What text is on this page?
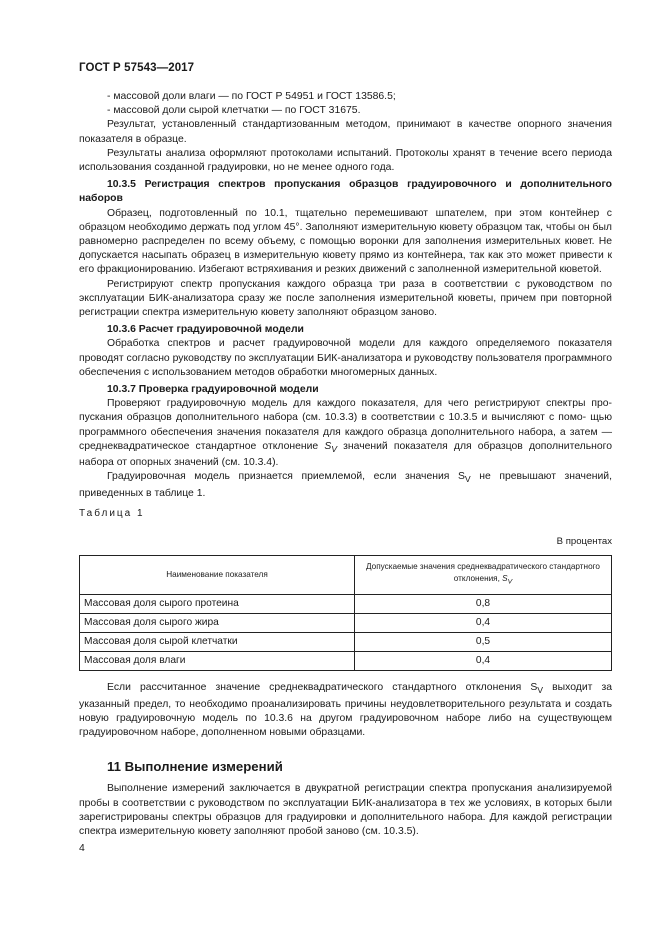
ГОСТ Р 57543—2017

- массовой доли влаги — по ГОСТ Р 54951 и ГОСТ 13586.5;

- массовой доли сырой клетчатки — по ГОСТ 31675.

Результат, установленный стандартизованным методом, принимают в качестве опорного значения показателя в образце.

Результаты анализа оформляют протоколами испытаний. Протоколы хранят в течение всего периода использования созданной градуировки, но не менее одного года.

10.3.5 Регистрация спектров пропускания образцов градуировочного и дополнительного наборов

Образец, подготовленный по 10.1, тщательно перемешивают шпателем, при этом контейнер с образцом необходимо держать под углом 45°. Заполняют измерительную кювету образцом так, чтобы он был равномерно распределен по всему объему, с помощью воронки для заполнения измерительных кювет. Не допускается насыпать образец в измерительную кювету прямо из контейнера, так как это может привести к его фракционированию. Избегают встряхивания и резких движений с заполненной измерительной кюветой.

Регистрируют спектр пропускания каждого образца три раза в соответствии с руководством по эксплуатации БИК-анализатора сразу же после заполнения измерительной кюветы, причем при повторной регистрации спектра измерительную кювету заполняют образцом заново.

10.3.6 Расчет градуировочной модели

Обработка спектров и расчет градуировочной модели для каждого определяемого показателя проводят согласно руководству по эксплуатации БИК-анализатора и руководству пользователя программного обеспечения с использованием методов обработки многомерных данных.

10.3.7 Проверка градуировочной модели

Проверяют градуировочную модель для каждого показателя, для чего регистрируют спектры про- пускания образцов дополнительного набора (см. 10.3.3) в соответствии с 10.3.5 и вычисляют с помо- щью программного обеспечения значения показателя для каждого образца дополнительного набора, а затем — среднеквадратическое стандартное отклонение $S_V$ значений показателя для образцов дополнительного набора от опорных значений (см. 10.3.4).

Градуировочная модель признается приемлемой, если значения $S_V$ не превышают значений, приведенных в таблице 1.

Таблица 1

В процентах

Наименование показателя	Допускаемые значения среднеквадратического стандартного отклонения, $S_V$
Массовая доля сырого протеина	0,8
Массовая доля сырого жира	0,4
Массовая доля сырой клетчатки	0,5
Массовая доля влаги	0,4

Если рассчитанное значение среднеквадратического стандартного отклонения $S_V$ выходит за указанный предел, то необходимо проанализировать причины неудовлетворительного результата и создать новую градуировочную модель по 10.3.6 на другом градуировочном наборе либо на существующем градуировочном наборе, дополненном новыми образцами.

11 Выполнение измерений

Выполнение измерений заключается в двукратной регистрации спектра пропускания анализируемой пробы в соответствии с руководством по эксплуатации БИК-анализатора в тех же условиях, в которых были зарегистрированы спектры образцов для градуировки и дополнительного набора. Для каждой регистрации спектра измерительную кювету заполняют пробой заново (см. 10.3.5).

4
